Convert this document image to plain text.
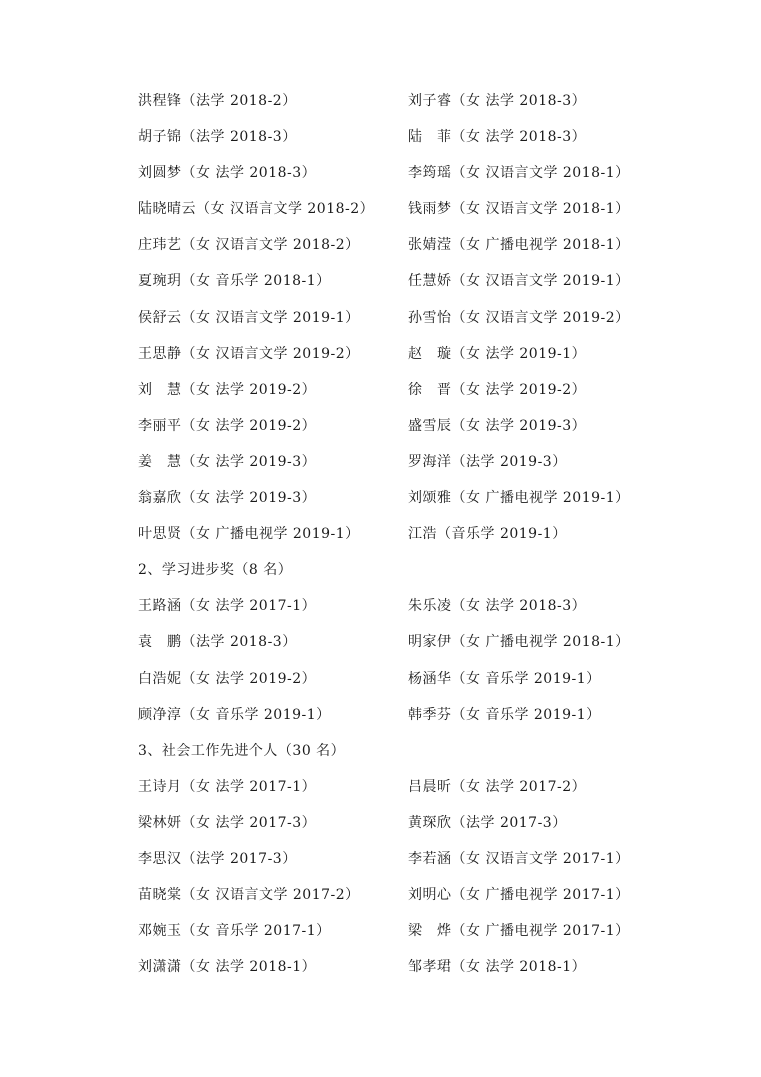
洪程锋（法学 2018-2）	刘子睿（女 法学 2018-3）
胡子锦（法学 2018-3）	陆　菲（女 法学 2018-3）
刘圆梦（女 法学 2018-3）	李筠瑶（女 汉语言文学 2018-1）
陆晓晴云（女 汉语言文学 2018-2） 钱雨梦（女 汉语言文学 2018-1）
庄玮艺（女 汉语言文学 2018-2）	张婧滢（女 广播电视学 2018-1）
夏琬玥（女 音乐学 2018-1）	任慧娇（女 汉语言文学 2019-1）
侯舒云（女 汉语言文学 2019-1）	孙雪怡（女 汉语言文学 2019-2）
王思静（女 汉语言文学 2019-2）	赵　璇（女 法学 2019-1）
刘　慧（女 法学 2019-2）	徐　晋（女 法学 2019-2）
李丽平（女 法学 2019-2）	盛雪辰（女 法学 2019-3）
姜　慧（女 法学 2019-3）	罗海洋（法学 2019-3）
翁嘉欣（女 法学 2019-3）	刘颂雅（女 广播电视学 2019-1）
叶思贤（女 广播电视学 2019-1）	江浩（音乐学 2019-1）
2、学习进步奖（8 名）
王路涵（女 法学 2017-1）	朱乐凌（女 法学 2018-3）
袁　鹏（法学 2018-3）	明家伊（女 广播电视学 2018-1）
白浩妮（女 法学 2019-2）	杨涵华（女 音乐学 2019-1）
顾净淳（女 音乐学 2019-1）	韩季芬（女 音乐学 2019-1）
3、社会工作先进个人（30 名）
王诗月（女 法学 2017-1）	吕晨昕（女 法学 2017-2）
梁林妍（女 法学 2017-3）	黄琛欣（法学 2017-3）
李思汉（法学 2017-3）	李若涵（女 汉语言文学 2017-1）
苗晓棠（女 汉语言文学 2017-2）	刘明心（女 广播电视学 2017-1）
邓婉玉（女 音乐学 2017-1）	梁　烨（女 广播电视学 2017-1）
刘潇潇（女 法学 2018-1）	邹孝珺（女 法学 2018-1）
